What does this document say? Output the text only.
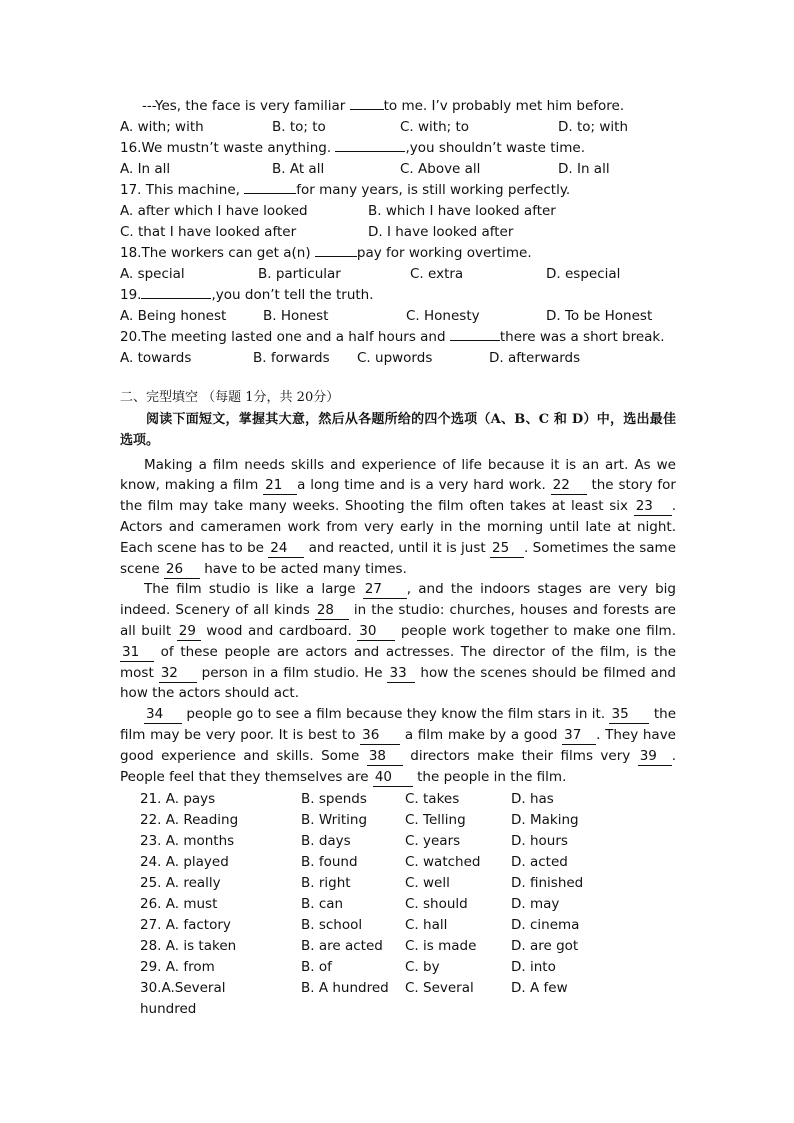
---Yes, the face is very familiar	to me. I’v probably met him before.
A. with; with	B. to; to	C. with; to	D. to; with
16.We mustn’t waste anything.	,you shouldn’t waste time.
A. In all	B. At all	C. Above all	D. In all
17. This machine,	for many years, is still working perfectly.
A. after which I have looked	B. which I have looked after
C. that I have looked after	D. I have looked after
18.The workers can get a(n)	pay for working overtime.
A. special	B. particular	C. extra	D. especial
19.	,you don’t tell the truth.
A. Being honest	B. Honest	C. Honesty	D. To be Honest
20.The meeting lasted one and a half hours and	there was a short break.
A. towards	B. forwards	C. upwords	D. afterwards
二、完型填空 （每题 1分，共 20分）
阅读下面短文，掌握其大意，然后从各题所给的四个选项（A、B、C 和 D）中，选出最佳选项。
Making a film needs skills and experience of life because it is an art. As we know, making a film 21 a long time and is a very hard work. 22 the story for the film may take many weeks. Shooting the film often takes at least six 23 . Actors and cameramen work from very early in the morning until late at night. Each scene has to be 24 and reacted, until it is just 25 . Sometimes the same scene 26 have to be acted many times.
The film studio is like a large 27 , and the indoors stages are very big indeed. Scenery of all kinds 28 in the studio: churches, houses and forests are all built 29 wood and cardboard. 30 people work together to make one film. 31 of these people are actors and actresses. The director of the film, is the most 32 person in a film studio. He 33 how the scenes should be filmed and how the actors should act.
34 people go to see a film because they know the film stars in it. 35 the film may be very poor. It is best to 36 a film make by a good 37 . They have good experience and skills. Some 38 directors make their films very 39 . People feel that they themselves are 40 the people in the film.
21. A. pays	B. spends	C. takes	D. has
22. A. Reading	B. Writing	C. Telling	D. Making
23. A. months	B. days	C. years	D. hours
24. A. played	B. found	C. watched	D. acted
25. A. really	B. right	C. well	D. finished
26. A. must	B. can	C. should	D. may
27. A. factory	B. school	C. hall	D. cinema
28. A. is taken	B. are acted	C. is made	D. are got
29. A. from	B. of	C. by	D. into
30.A.Several	B. A hundred	C. Several	D. A few
hundred
